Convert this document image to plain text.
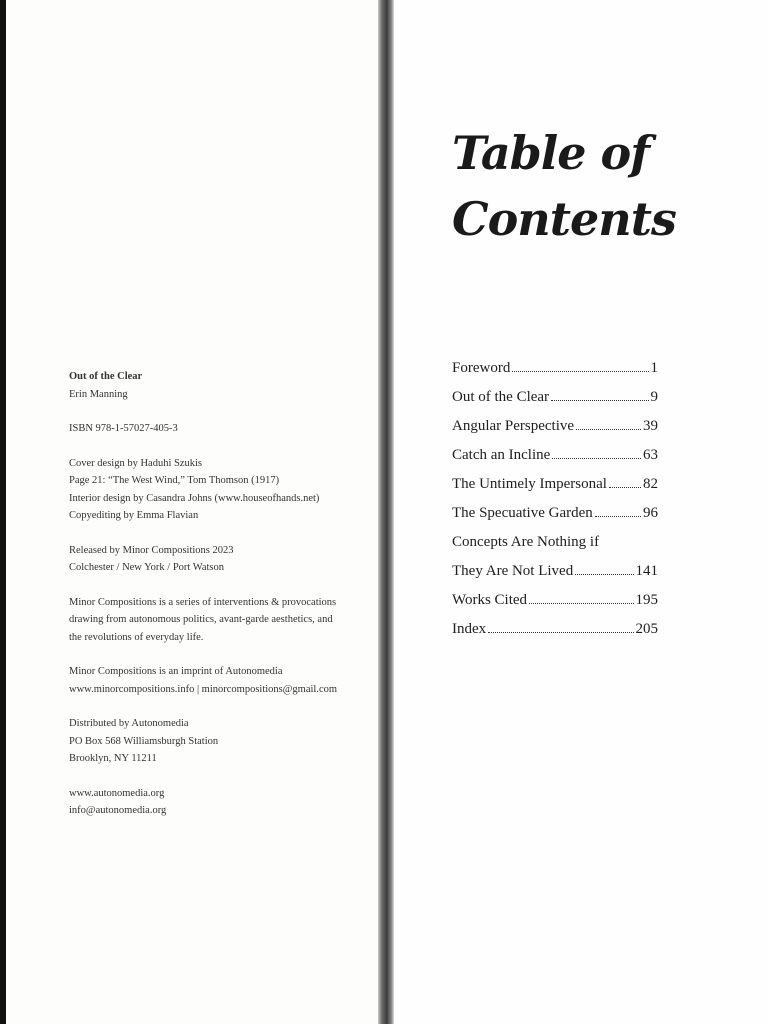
Out of the Clear

Erin Manning

ISBN 978-1-57027-405-3

Cover design by Haduhi Szukis

Page 21: “The West Wind,” Tom Thomson (1917)

Interior design by Casandra Johns (www.houseofhands.net)

Copyediting by Emma Flavian

Released by Minor Compositions 2023

Colchester / New York / Port Watson

Minor Compositions is a series of interventions & provocations

drawing from autonomous politics, avant-garde aesthetics, and

the revolutions of everyday life.

Minor Compositions is an imprint of Autonomedia

www.minorcompositions.info | minorcompositions@gmail.com

Distributed by Autonomedia

PO Box 568 Williamsburgh Station

Brooklyn, NY 11211

www.autonomedia.org

info@autonomedia.org

Table of
Contents
Foreword	1
Out of the Clear	9
Angular Perspective	39
Catch an Incline	63
The Untimely Impersonal 82
The Specuative Garden	96
Concepts Are Nothing if
They Are Not Lived	141
Works Cited	195
Index	205
